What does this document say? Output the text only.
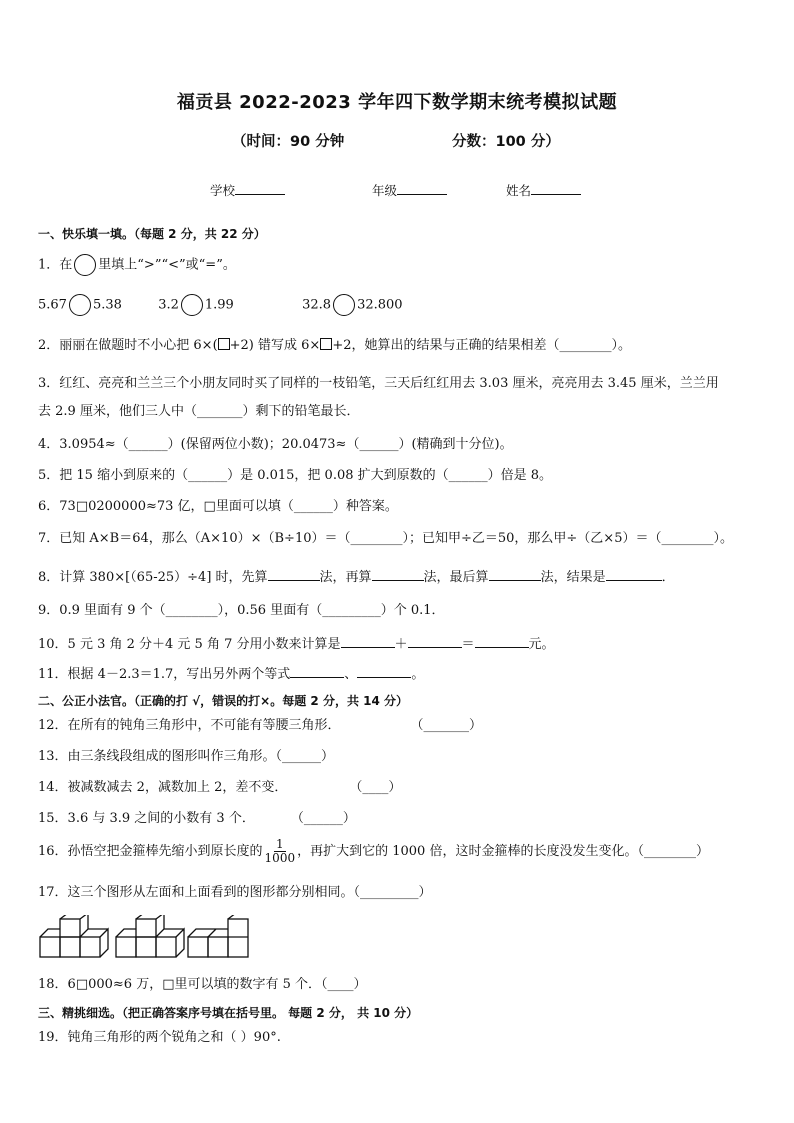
福贡县 2022-2023 学年四下数学期末统考模拟试题
（时间：90 分钟	分数：100 分）
学校	年级	姓名
一、快乐填一填。（每题 2 分，共 22 分）
1．在 里填上“>”“<”或“=”。
5.67 5.38	3.2 1.99	32.8 32.800
2．丽丽在做题时不小心把 6×( +2) 错写成 6× +2，她算出的结果与正确的结果相差（________）。
3．红红、亮亮和兰兰三个小朋友同时买了同样的一枝铅笔，三天后红红用去 3.03 厘米，亮亮用去 3.45 厘米，兰兰用
去 2.9 厘米，他们三人中（_______）剩下的铅笔最长．
4．3.0954≈（______）(保留两位小数)；20.0473≈（______）(精确到十分位)。
5．把 15 缩小到原来的（______）是 0.015，把 0.08 扩大到原数的（______）倍是 8。
6．73□0200000≈73 亿，□里面可以填（______）种答案。
7．已知 A×B＝64，那么（A×10）×（B÷10）＝（________）；已知甲÷乙＝50，那么甲÷（乙×5）＝（________）。
8．计算 380×[（65-25）÷4] 时，先算	法，再算	法，最后算	法，结果是	．
9．0.9 里面有 9 个（________），0.56 里面有（_________）个 0.1．
10．5 元 3 角 2 分＋4 元 5 角 7 分用小数来计算是	＋	＝	元。
11．根据 4－2.3＝1.7，写出另外两个等式	、	。
二、公正小法官。（正确的打 √，错误的打×。每题 2 分，共 14 分）
12．在所有的钝角三角形中，不可能有等腰三角形．	（_______）
13．由三条线段组成的图形叫作三角形。（______）
14．被减数减去 2，减数加上 2，差不变．	（____）
15．3.6 与 3.9 之间的小数有 3 个．	（______）
16．孙悟空把金箍棒先缩小到原长度的 $\frac{1}{1000}$ ，再扩大到它的 1000 倍，这时金箍棒的长度没发生变化。（________）
17．这三个图形从左面和上面看到的图形都分别相同。（_________）
18．6□000≈6 万，□里可以填的数字有 5 个．（____）
三、精挑细选。（把正确答案序号填在括号里。 每题 2 分， 共 10 分）
19．钝角三角形的两个锐角之和（ ）90°.
